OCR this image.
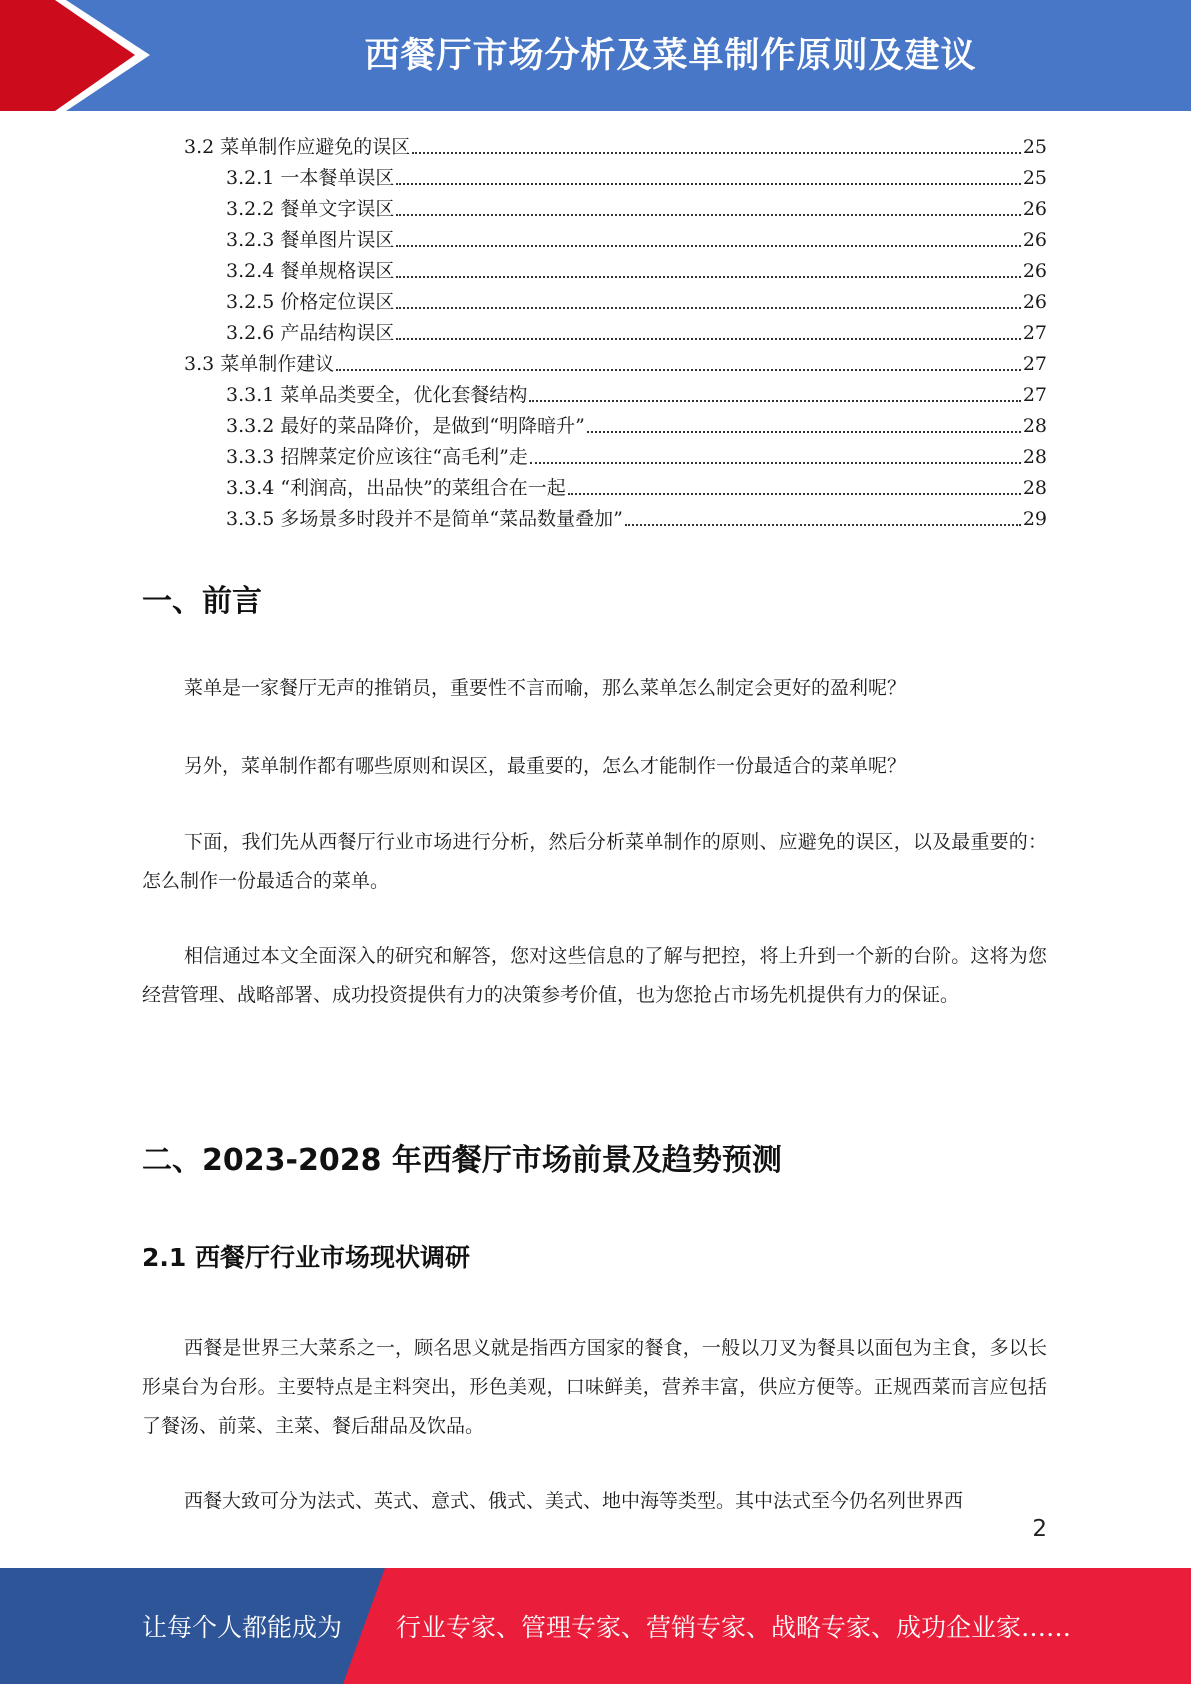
西餐厅市场分析及菜单制作原则及建议
3.2 菜单制作应避免的误区	25
3.2.1 一本餐单误区	25
3.2.2 餐单文字误区	26
3.2.3 餐单图片误区	26
3.2.4 餐单规格误区	26
3.2.5 价格定位误区	26
3.2.6 产品结构误区	27
3.3 菜单制作建议	27
3.3.1 菜单品类要全，优化套餐结构	27
3.3.2 最好的菜品降价，是做到“明降暗升”	28
3.3.3 招牌菜定价应该往“高毛利”走	28
3.3.4 “利润高，出品快”的菜组合在一起	28
3.3.5 多场景多时段并不是简单“菜品数量叠加”	29
一、前言

菜单是一家餐厅无声的推销员，重要性不言而喻，那么菜单怎么制定会更好的盈利呢？

另外，菜单制作都有哪些原则和误区，最重要的，怎么才能制作一份最适合的菜单呢？

下面，我们先从西餐厅行业市场进行分析，然后分析菜单制作的原则、应避免的误区，以及最重要的：怎么制作一份最适合的菜单。

相信通过本文全面深入的研究和解答，您对这些信息的了解与把控，将上升到一个新的台阶。这将为您经营管理、战略部署、成功投资提供有力的决策参考价值，也为您抢占市场先机提供有力的保证。

二、2023-2028 年西餐厅市场前景及趋势预测
2.1 西餐厅行业市场现状调研

西餐是世界三大菜系之一，顾名思义就是指西方国家的餐食，一般以刀叉为餐具以面包为主食，多以长形桌台为台形。主要特点是主料突出，形色美观，口味鲜美，营养丰富，供应方便等。正规西菜而言应包括了餐汤、前菜、主菜、餐后甜品及饮品。

西餐大致可分为法式、英式、意式、俄式、美式、地中海等类型。其中法式至今仍名列世界西

2
让每个人都能成为 行业专家、管理专家、营销专家、战略专家、成功企业家……
